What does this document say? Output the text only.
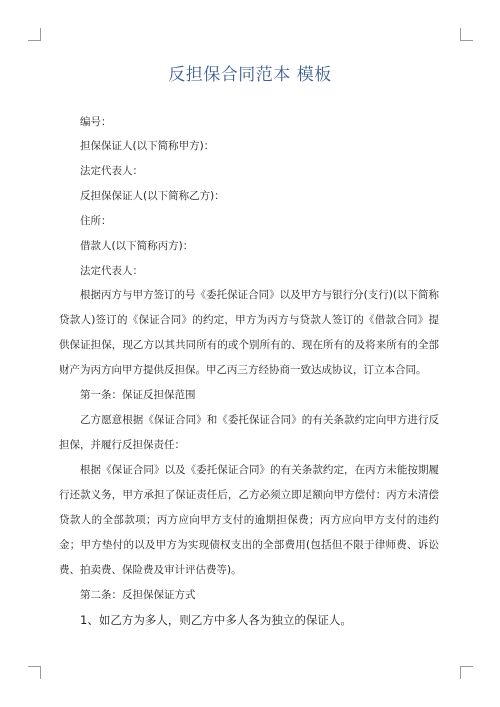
反担保合同范本 模板
编号：
担保保证人(以下简称甲方)：
法定代表人：
反担保保证人(以下简称乙方)：
住所：
借款人(以下简称丙方)：
法定代表人：
根据丙方与甲方签订的号《委托保证合同》以及甲方与银行分(支行)(以下简称贷款人)签订的《保证合同》的约定，甲方为丙方与贷款人签订的《借款合同》提供保证担保，现乙方以其共同所有的或个别所有的、现在所有的及将来所有的全部财产为丙方向甲方提供反担保。甲乙丙三方经协商一致达成协议，订立本合同。
第一条：保证反担保范围
乙方愿意根据《保证合同》和《委托保证合同》的有关条款约定向甲方进行反担保，并履行反担保责任：
根据《保证合同》以及《委托保证合同》的有关条款约定，在丙方未能按期履行还款义务，甲方承担了保证责任后，乙方必须立即足额向甲方偿付：丙方未清偿贷款人的全部款项；丙方应向甲方支付的逾期担保费；丙方应向甲方支付的违约金；甲方垫付的以及甲方为实现债权支出的全部费用(包括但不限于律师费、诉讼费、拍卖费、保险费及审计评估费等)。
第二条：反担保保证方式
1、如乙方为多人，则乙方中多人各为独立的保证人。
